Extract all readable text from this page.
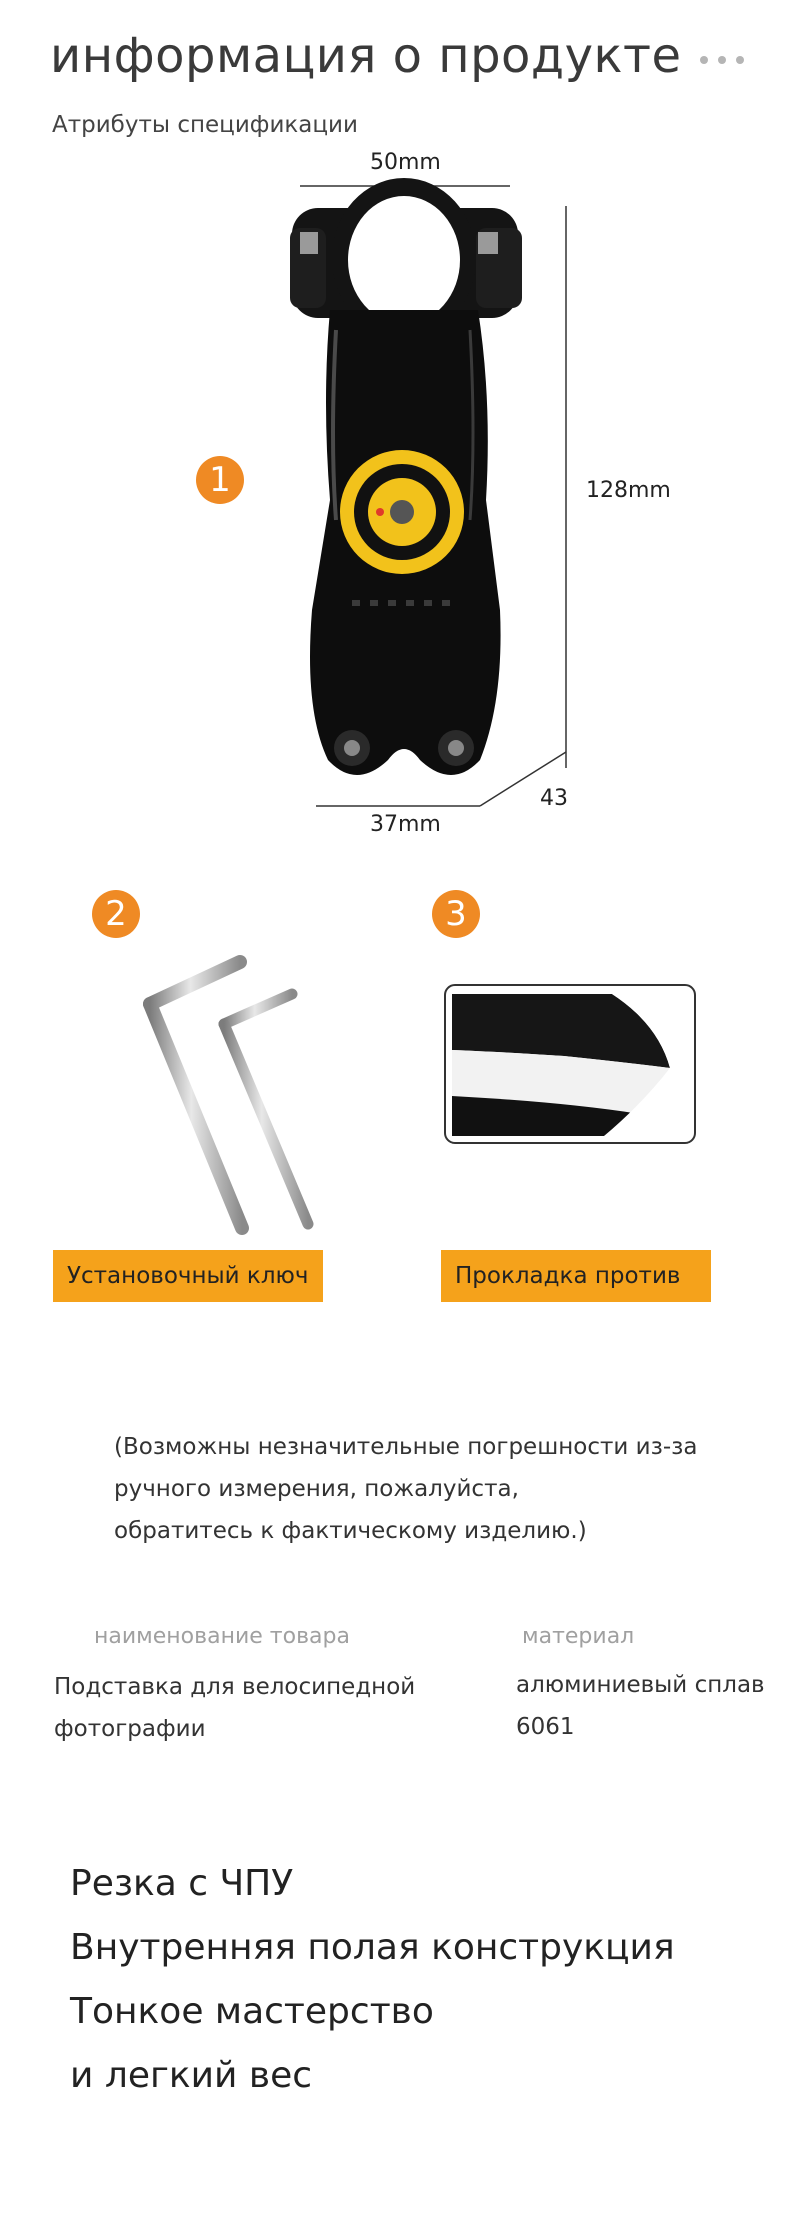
информация о продукте
Атрибуты спецификации
50mm
128mm
37mm
43
1
2	3
Установочный ключ	Прокладка против
(Возможны незначительные погрешности из-за
ручного измерения, пожалуйста,
обратитесь к фактическому изделию.)
наименование товара
Подставка для велосипедной
фотографии
материал
алюминиевый сплав
6061
Резка с ЧПУ
Внутренняя полая конструкция
Тонкое мастерство
и легкий вес
